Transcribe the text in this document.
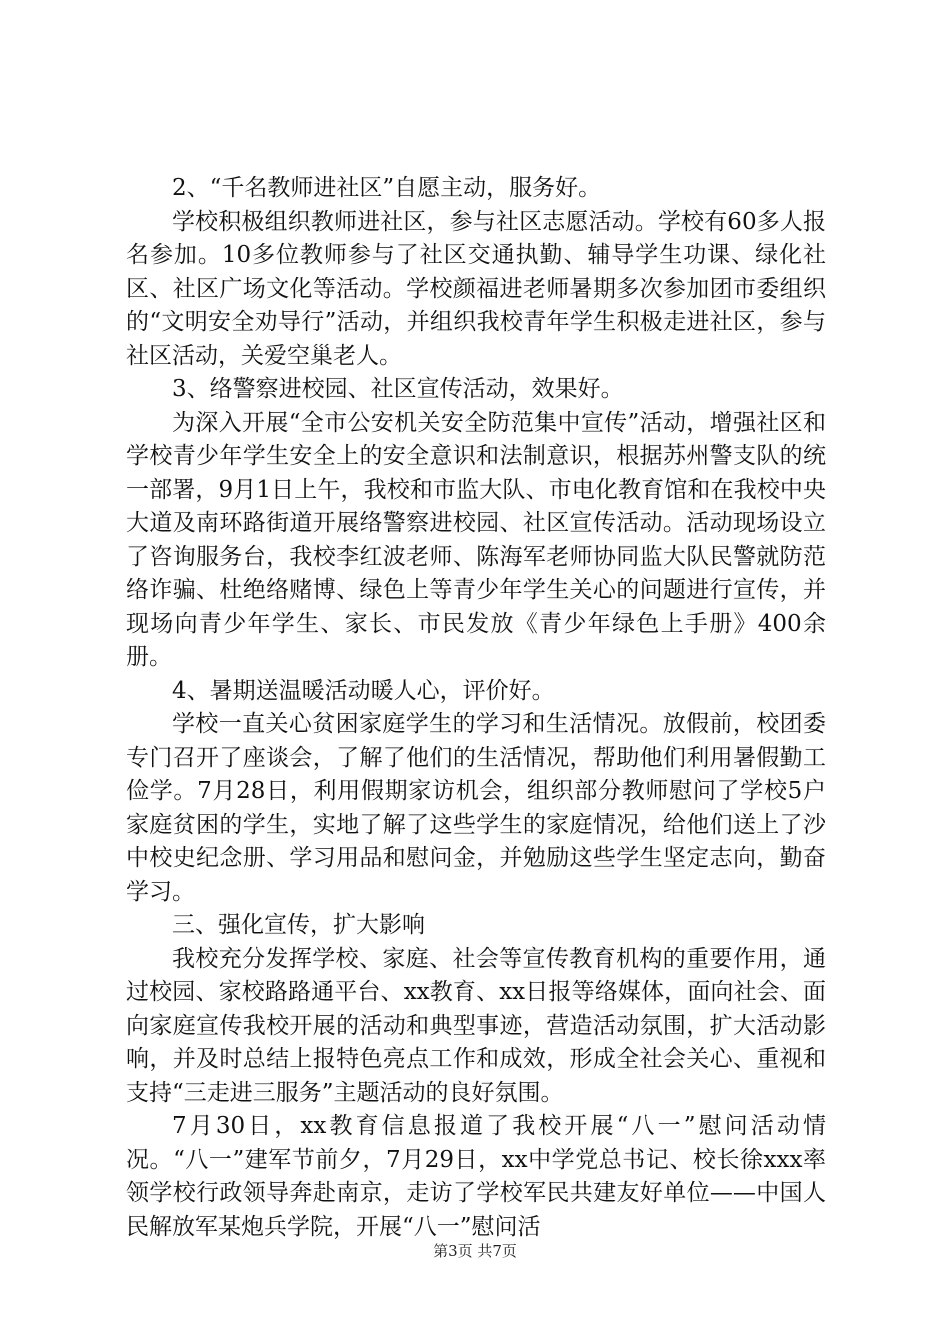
2、“千名教师进社区”自愿主动，服务好。

学校积极组织教师进社区，参与社区志愿活动。学校有60多人报名参加。10多位教师参与了社区交通执勤、辅导学生功课、绿化社区、社区广场文化等活动。学校颜福进老师暑期多次参加团市委组织的“文明安全劝导行”活动，并组织我校青年学生积极走进社区，参与社区活动，关爱空巢老人。

3、络警察进校园、社区宣传活动，效果好。

为深入开展“全市公安机关安全防范集中宣传”活动，增强社区和学校青少年学生安全上的安全意识和法制意识，根据苏州警支队的统一部署，9月1日上午，我校和市监大队、市电化教育馆和在我校中央大道及南环路街道开展络警察进校园、社区宣传活动。活动现场设立了咨询服务台，我校李红波老师、陈海军老师协同监大队民警就防范络诈骗、杜绝络赌博、绿色上等青少年学生关心的问题进行宣传，并现场向青少年学生、家长、市民发放《青少年绿色上手册》400余册。

4、暑期送温暖活动暖人心，评价好。

学校一直关心贫困家庭学生的学习和生活情况。放假前，校团委专门召开了座谈会，了解了他们的生活情况，帮助他们利用暑假勤工俭学。7月28日，利用假期家访机会，组织部分教师慰问了学校5户家庭贫困的学生，实地了解了这些学生的家庭情况，给他们送上了沙中校史纪念册、学习用品和慰问金，并勉励这些学生坚定志向，勤奋学习。

三、强化宣传，扩大影响

我校充分发挥学校、家庭、社会等宣传教育机构的重要作用，通过校园、家校路路通平台、xx教育、xx日报等络媒体，面向社会、面向家庭宣传我校开展的活动和典型事迹，营造活动氛围，扩大活动影响，并及时总结上报特色亮点工作和成效，形成全社会关心、重视和支持“三走进三服务”主题活动的良好氛围。

7月30日，xx教育信息报道了我校开展“八一”慰问活动情况。“八一”建军节前夕，7月29日，xx中学党总书记、校长徐xxx率领学校行政领导奔赴南京，走访了学校军民共建友好单位——中国人民解放军某炮兵学院，开展“八一”慰问活

第3页 共7页
